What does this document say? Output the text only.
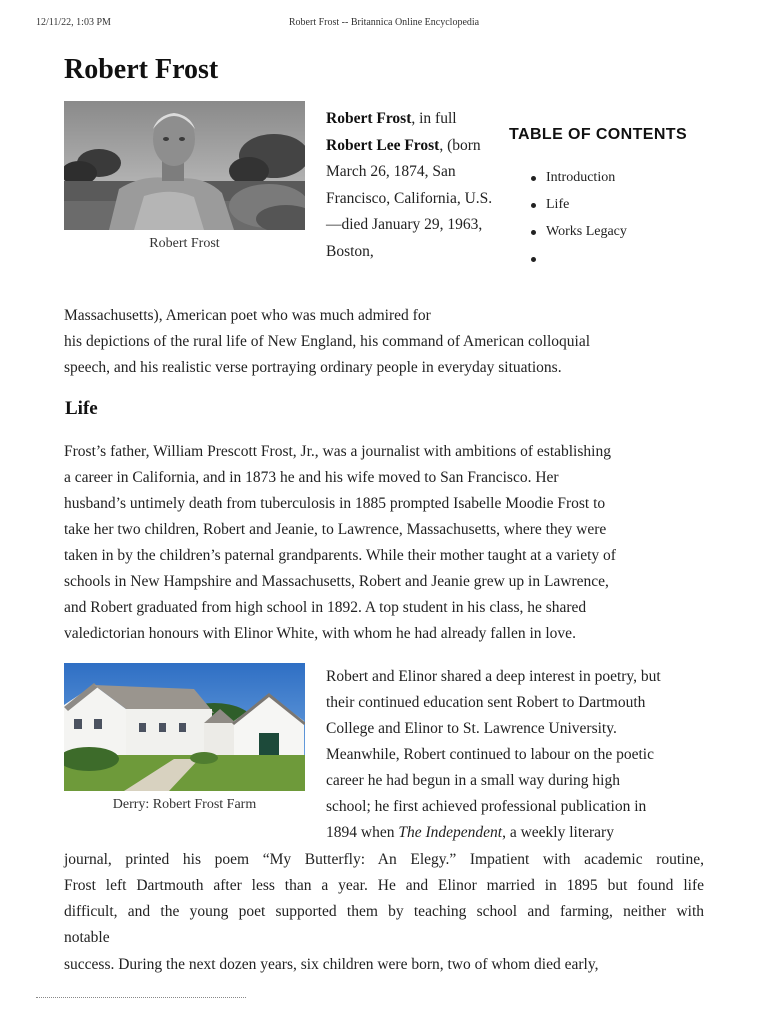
12/11/22, 1:03 PM	Robert Frost -- Britannica Online Encyclopedia
Robert Frost
Robert Frost
Robert Frost, in full Robert Lee Frost, (born March 26, 1874, San Francisco, California, U.S.—died January 29, 1963, Boston,
TABLE OF CONTENTS
Introduction
Life
Works Legacy

Massachusetts), American poet who was much admired for
his depictions of the rural life of New England, his command of American colloquial
speech, and his realistic verse portraying ordinary people in everyday situations.

Life

Frost’s father, William Prescott Frost, Jr., was a journalist with ambitions of establishing
a career in California, and in 1873 he and his wife moved to San Francisco. Her
husband’s untimely death from tuberculosis in 1885 prompted Isabelle Moodie Frost to
take her two children, Robert and Jeanie, to Lawrence, Massachusetts, where they were
taken in by the children’s paternal grandparents. While their mother taught at a variety of
schools in New Hampshire and Massachusetts, Robert and Jeanie grew up in Lawrence,
and Robert graduated from high school in 1892. A top student in his class, he shared
valedictorian honours with Elinor White, with whom he had already fallen in love.

Derry: Robert Frost Farm

Robert and Elinor shared a deep interest in poetry, but
their continued education sent Robert to Dartmouth
College and Elinor to St. Lawrence University.
Meanwhile, Robert continued to labour on the poetic
career he had begun in a small way during high
school; he first achieved professional publication in
1894 when The Independent, a weekly literary

journal, printed his poem “My Butterfly: An Elegy.” Impatient with academic routine,
Frost left Dartmouth after less than a year. He and Elinor married in 1895 but found life
difficult, and the young poet supported them by teaching school and farming, neither with
notable

success. During the next dozen years, six children were born, two of whom died early,
